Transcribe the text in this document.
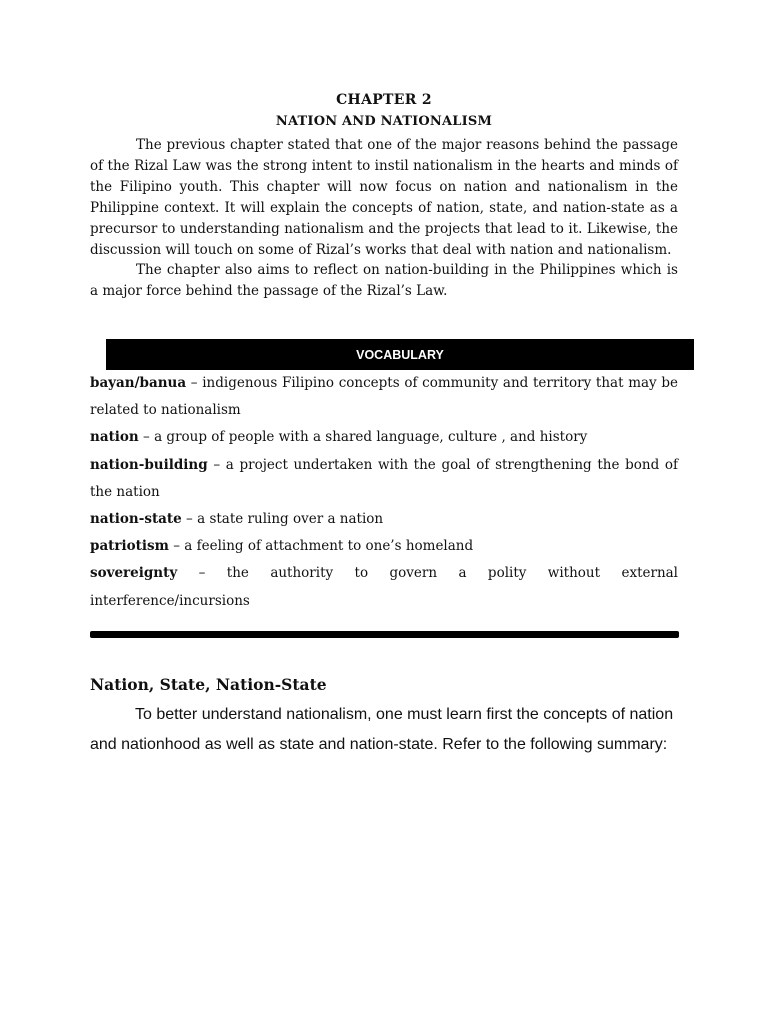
CHAPTER 2
NATION AND NATIONALISM

The previous chapter stated that one of the major reasons behind the passage of the Rizal Law was the strong intent to instil nationalism in the hearts and minds of the Filipino youth. This chapter will now focus on nation and nationalism in the Philippine context. It will explain the concepts of nation, state, and nation-state as a precursor to understanding nationalism and the projects that lead to it. Likewise, the discussion will touch on some of Rizal’s works that deal with nation and nationalism.

The chapter also aims to reflect on nation-building in the Philippines which is a major force behind the passage of the Rizal’s Law.

VOCABULARY

bayan/banua – indigenous Filipino concepts of community and territory that may be related to nationalism

nation – a group of people with a shared language, culture , and history

nation-building – a project undertaken with the goal of strengthening the bond of the nation

nation-state – a state ruling over a nation

patriotism – a feeling of attachment to one’s homeland

sovereignty – the authority to govern a polity without external interference/incursions

Nation, State, Nation-State

To better understand nationalism, one must learn first the concepts of nation and nationhood as well as state and nation-state. Refer to the following summary:
